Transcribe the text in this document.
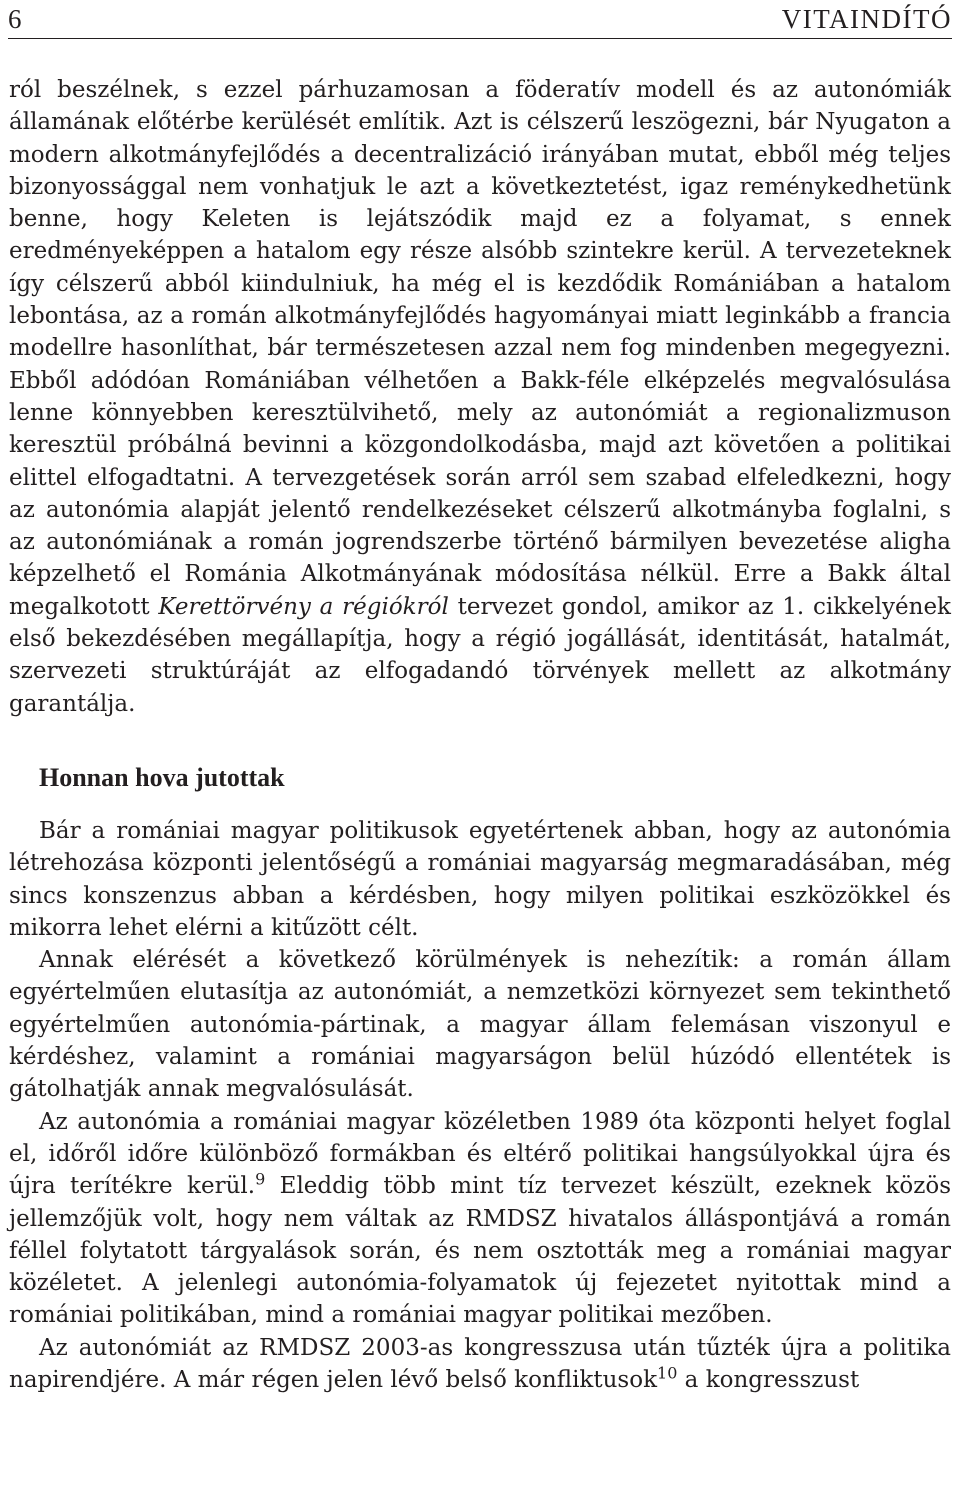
6	VITAINDÍTÓ

ról beszélnek, s ezzel párhuzamosan a föderatív modell és az autonómiák államának előtérbe kerülését említik. Azt is célszerű leszögezni, bár Nyugaton a modern alkotmányfejlődés a decentralizáció irányában mutat, ebből még teljes bizonyossággal nem vonhatjuk le azt a következtetést, igaz reménykedhetünk benne, hogy Keleten is lejátszódik majd ez a folyamat, s ennek eredményeképpen a hatalom egy része alsóbb szintekre kerül. A tervezeteknek így célszerű abból kiindulniuk, ha még el is kezdődik Romániában a hatalom lebontása, az a román alkotmányfejlődés hagyományai miatt leginkább a francia modellre hasonlíthat, bár természetesen azzal nem fog mindenben megegyezni. Ebből adódóan Romániában vélhetően a Bakk-féle elképzelés megvalósulása lenne könnyebben keresztülvihető, mely az autonómiát a regionalizmuson keresztül próbálná bevinni a közgondolkodásba, majd azt követően a politikai elittel elfogadtatni. A tervezgetések során arról sem szabad elfeledkezni, hogy az autonómia alapját jelentő rendelkezéseket célszerű alkotmányba foglalni, s az autonómiának a román jogrendszerbe történő bármilyen bevezetése aligha képzelhető el Románia Alkotmányának módosítása nélkül. Erre a Bakk által megalkotott Kerettörvény a régiókról tervezet gondol, amikor az 1. cikkelyének első bekezdésében megállapítja, hogy a régió jogállását, identitását, hatalmát, szervezeti struktúráját az elfogadandó törvények mellett az alkotmány garantálja.

Honnan hova jutottak

Bár a romániai magyar politikusok egyetértenek abban, hogy az autonómia létrehozása központi jelentőségű a romániai magyarság megmaradásában, még sincs konszenzus abban a kérdésben, hogy milyen politikai eszközökkel és mikorra lehet elérni a kitűzött célt.

Annak elérését a következő körülmények is nehezítik: a román állam egyértelműen elutasítja az autonómiát, a nemzetközi környezet sem tekinthető egyértelműen autonómia-pártinak, a magyar állam felemásan viszonyul e kérdéshez, valamint a romániai magyarságon belül húzódó ellentétek is gátolhatják annak megvalósulását.

Az autonómia a romániai magyar közéletben 1989 óta központi helyet foglal el, időről időre különböző formákban és eltérő politikai hangsúlyokkal újra és újra terítékre kerül.$^9$ Eleddig több mint tíz tervezet készült, ezeknek közös jellemzőjük volt, hogy nem váltak az RMDSZ hivatalos álláspontjává a román féllel folytatott tárgyalások során, és nem osztották meg a romániai magyar közéletet. A jelenlegi autonómia-folyamatok új fejezetet nyitottak mind a romániai politikában, mind a romániai magyar politikai mezőben.

Az autonómiát az RMDSZ 2003-as kongresszusa után tűzték újra a politika napirendjére. A már régen jelen lévő belső konfliktusok$^{10}$ a kongresszust
